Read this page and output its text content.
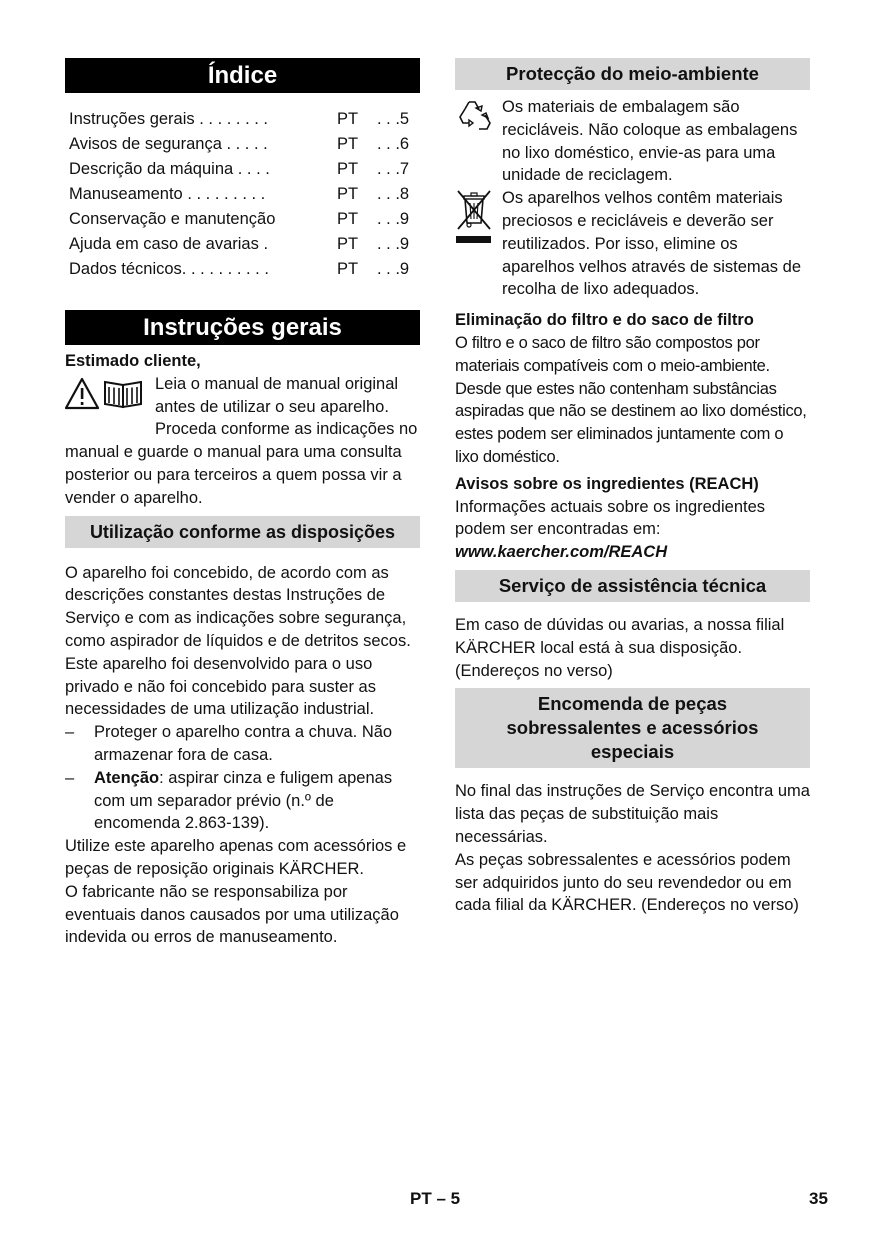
Índice
Instruções gerais . . . . . . . .	PT	. . .5
Avisos de segurança . . . . .	PT	. . .6
Descrição da máquina . . . .	PT	. . .7
Manuseamento . . . . . . . . .	PT	. . .8
Conservação e manutenção	PT	. . .9
Ajuda em caso de avarias .	PT	. . .9
Dados técnicos. . . . . . . . . .	PT	. . .9
Instruções gerais

Estimado cliente,

Leia o manual de manual original antes de utilizar o seu aparelho. Proceda conforme as indicações no manual e guarde o manual para uma consulta posterior ou para terceiros a quem possa vir a vender o aparelho.

Utilização conforme as disposições

O aparelho foi concebido, de acordo com as descrições constantes destas Instruções de Serviço e com as indicações sobre segurança, como aspirador de líquidos e de detritos secos.

Este aparelho foi desenvolvido para o uso privado e não foi concebido para suster as necessidades de uma utilização industrial.

– Proteger o aparelho contra a chuva. Não armazenar fora de casa.
– Atenção: aspirar cinza e fuligem apenas com um separador prévio (n.º de encomenda 2.863-139).

Utilize este aparelho apenas com acessórios e peças de reposição originais KÄRCHER.

O fabricante não se responsabiliza por eventuais danos causados por uma utilização indevida ou erros de manuseamento.

Protecção do meio-ambiente

Os materiais de embalagem são recicláveis. Não coloque as embalagens no lixo doméstico, envie-as para uma unidade de reciclagem.

Os aparelhos velhos contêm materiais preciosos e recicláveis e deverão ser reutilizados. Por isso, elimine os aparelhos velhos através de sistemas de recolha de lixo adequados.

Eliminação do filtro e do saco de filtro

O filtro e o saco de filtro são compostos por materiais compatíveis com o meio-ambiente. Desde que estes não contenham substâncias aspiradas que não se destinem ao lixo doméstico, estes podem ser eliminados juntamente com o lixo doméstico.

Avisos sobre os ingredientes (REACH)

Informações actuais sobre os ingredientes podem ser encontradas em:

www.kaercher.com/REACH

Serviço de assistência técnica

Em caso de dúvidas ou avarias, a nossa filial KÄRCHER local está à sua disposição. (Endereços no verso)

Encomenda de peças sobressalentes e acessórios especiais

No final das instruções de Serviço encontra uma lista das peças de substituição mais necessárias.

As peças sobressalentes e acessórios podem ser adquiridos junto do seu revendedor ou em cada filial da KÄRCHER. (Endereços no verso)

PT – 5	35
